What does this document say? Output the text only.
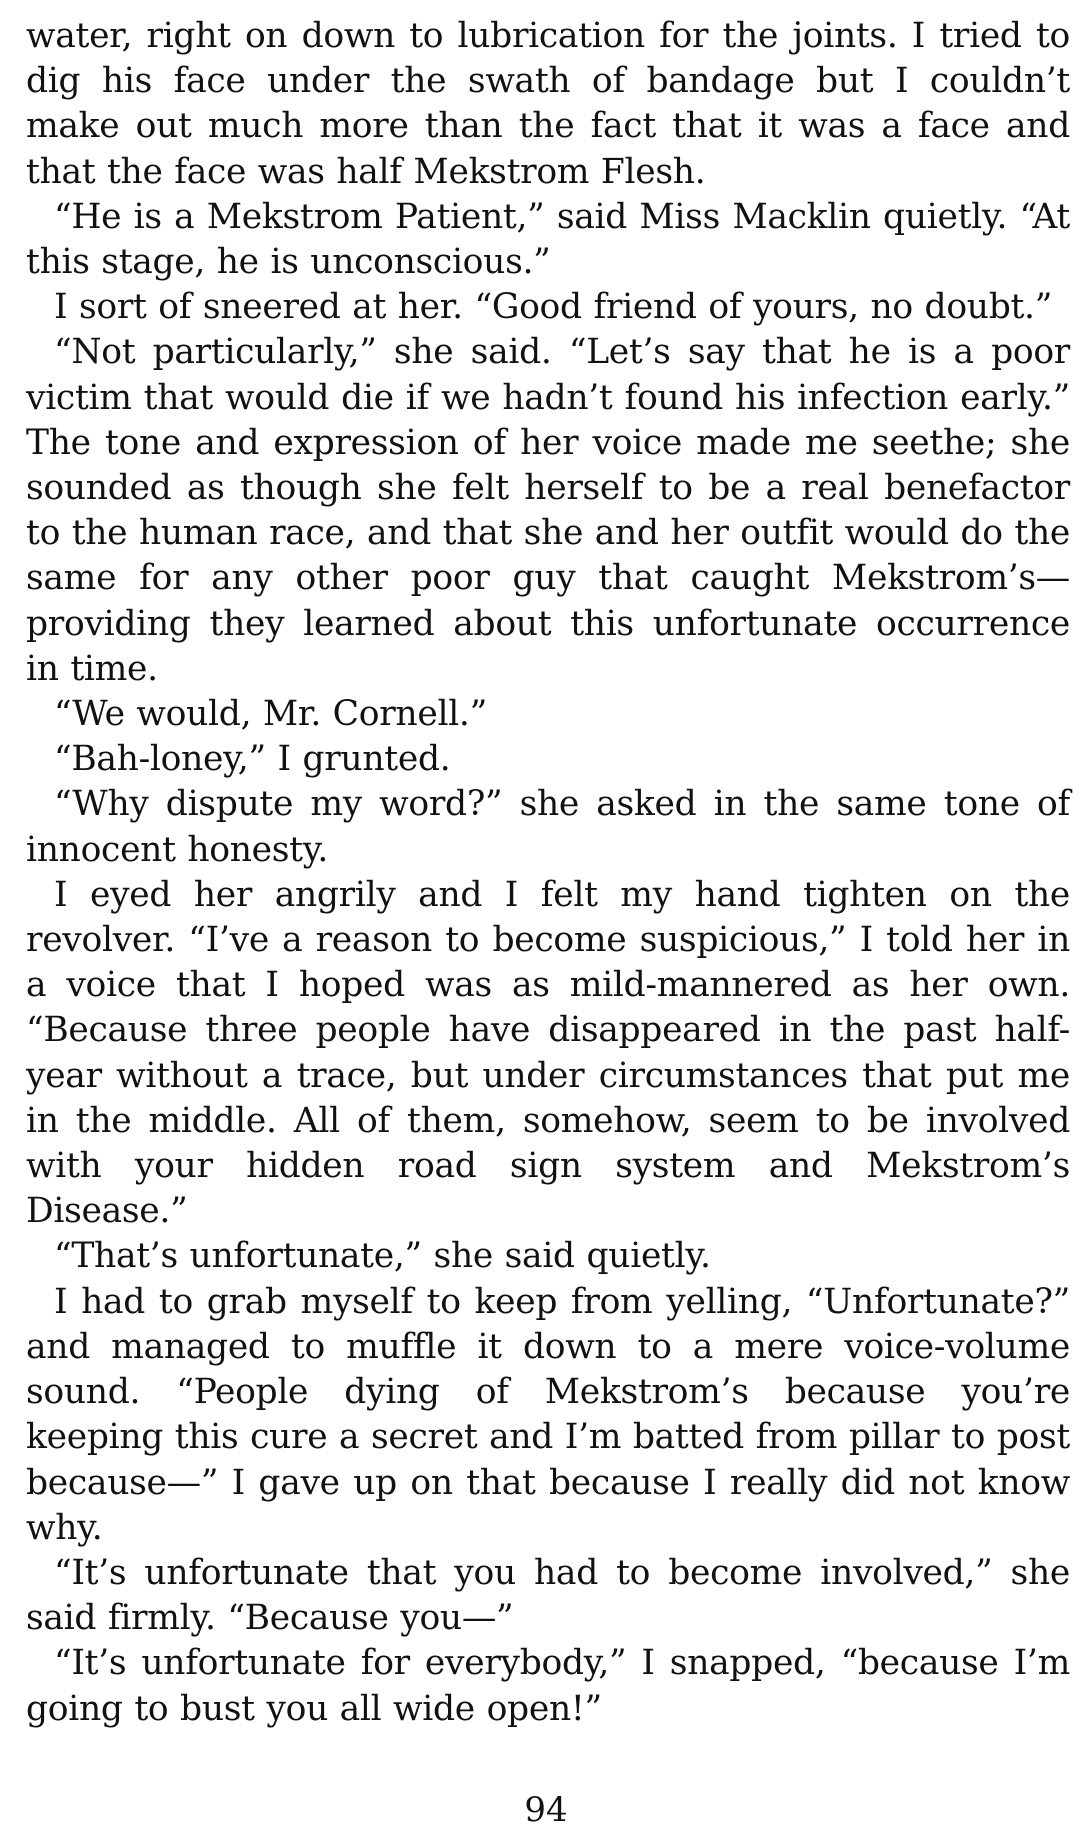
water, right on down to lubrication for the joints. I tried to dig his face under the swath of bandage but I couldn’t make out much more than the fact that it was a face and that the face was half Mekstrom Flesh.

“He is a Mekstrom Patient,” said Miss Macklin quietly. “At this stage, he is unconscious.”

I sort of sneered at her. “Good friend of yours, no doubt.”

“Not particularly,” she said. “Let’s say that he is a poor victim that would die if we hadn’t found his infection early.” The tone and expression of her voice made me seethe; she sounded as though she felt herself to be a real benefactor to the human race, and that she and her outfit would do the same for any other poor guy that caught Mekstrom’s—providing they learned about this unfortunate occurrence in time.

“We would, Mr. Cornell.”

“Bah-loney,” I grunted.

“Why dispute my word?” she asked in the same tone of innocent honesty.

I eyed her angrily and I felt my hand tighten on the revolver. “I’ve a reason to become suspicious,” I told her in a voice that I hoped was as mild-mannered as her own. “Because three people have disappeared in the past half-year without a trace, but under circumstances that put me in the middle. All of them, somehow, seem to be involved with your hidden road sign system and Mekstrom’s Disease.”

“That’s unfortunate,” she said quietly.

I had to grab myself to keep from yelling, “Unfortunate?” and managed to muffle it down to a mere voice-volume sound. “People dying of Mekstrom’s because you’re keeping this cure a secret and I’m batted from pillar to post because—” I gave up on that because I really did not know why.

“It’s unfortunate that you had to become involved,” she said firmly. “Because you—”

“It’s unfortunate for everybody,” I snapped, “because I’m going to bust you all wide open!”

94
